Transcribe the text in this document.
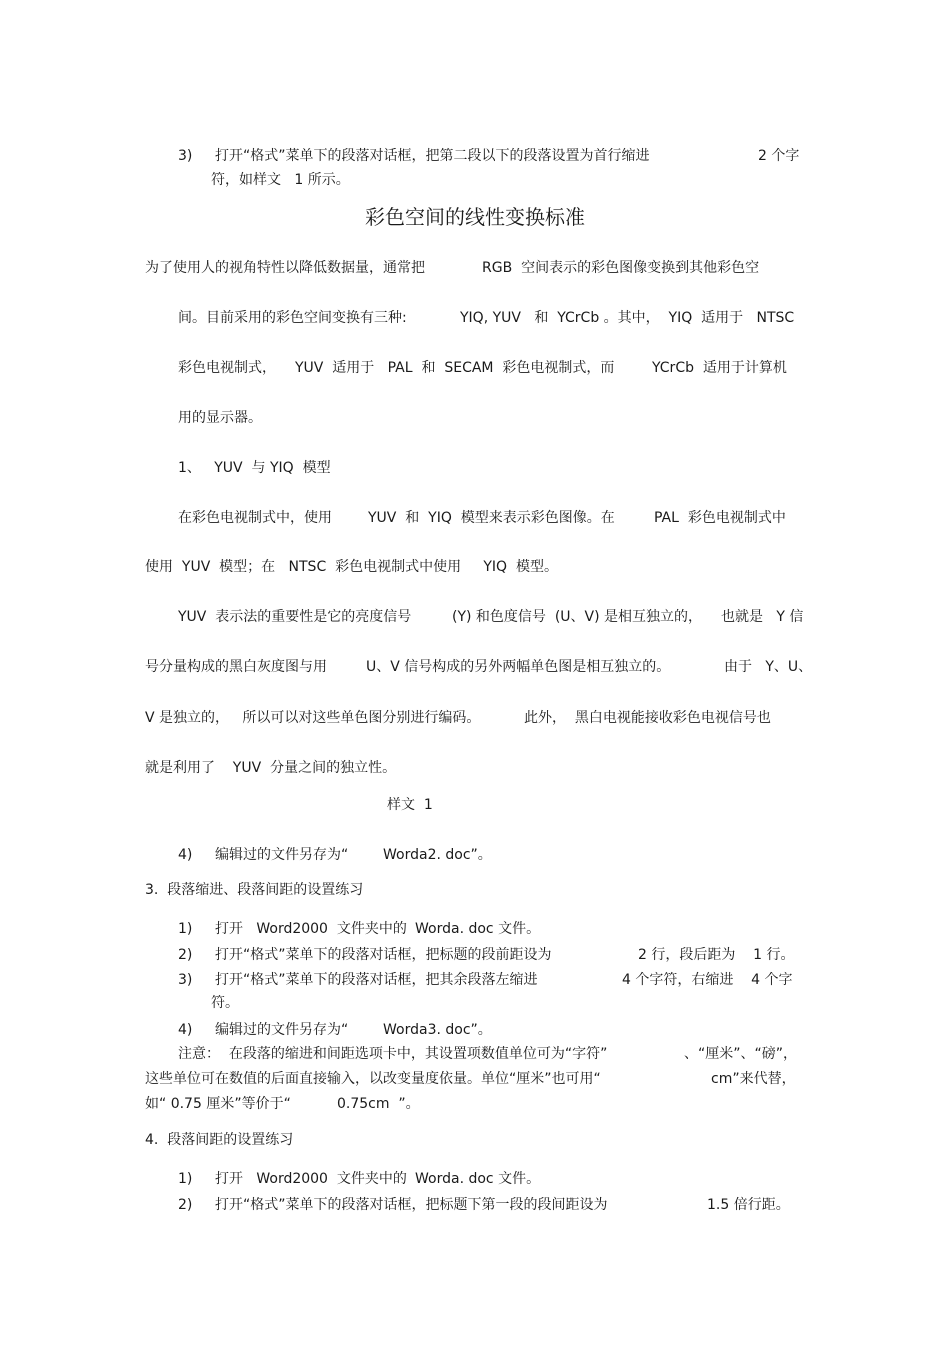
3) 打开“格式”菜单下的段落对话框，把第二段以下的段落设置为首行缩进	2 个字
符，如样文   1 所示。
彩色空间的线性变换标准
为了使用人的视角特性以降低数据量，通常把	RGB  空间表示的彩色图像变换到其他彩色空
间。目前采用的彩色空间变换有三种:	YIQ, YUV   和  YCrCb 。其中，  YIQ  适用于   NTSC
彩色电视制式， YUV  适用于   PAL  和  SECAM  彩色电视制式，而	YCrCb  适用于计算机
用的显示器。
1、   YUV  与 YIQ  模型
在彩色电视制式中，使用	YUV  和  YIQ  模型来表示彩色图像。在	PAL  彩色电视制式中
使用  YUV  模型；在   NTSC  彩色电视制式中使用     YIQ  模型。
YUV  表示法的重要性是它的亮度信号	(Y) 和色度信号  (U、V) 是相互独立的， 也就是   Y 信
号分量构成的黑白灰度图与用	U、V 信号构成的另外两幅单色图是相互独立的。	由于   Y、U、
V 是独立的，   所以可以对这些单色图分别进行编码。	此外，  黑白电视能接收彩色电视信号也
就是利用了    YUV  分量之间的独立性。
样文  1
4) 编辑过的文件另存为“ Worda2. doc”。
3.  段落缩进、段落间距的设置练习
1) 打开   Word2000  文件夹中的 Worda. doc 文件。
2) 打开“格式”菜单下的段落对话框，把标题的段前距设为	2 行，段后距为    1 行。
3) 打开“格式”菜单下的段落对话框，把其余段落左缩进	4 个字符，右缩进    4 个字
符。
4) 编辑过的文件另存为“ Worda3. doc”。
注意：  在段落的缩进和间距选项卡中，其设置项数值单位可为“字符”	、“厘米”、“磅”，
这些单位可在数值的后面直接输入，以改变量度依量。单位“厘米”也可用“	cm”来代替，
如“ 0.75 厘米”等价于“	0.75cm  ”。
4.  段落间距的设置练习
1) 打开   Word2000  文件夹中的 Worda. doc 文件。
2) 打开“格式”菜单下的段落对话框，把标题下第一段的段间距设为	1.5 倍行距。
